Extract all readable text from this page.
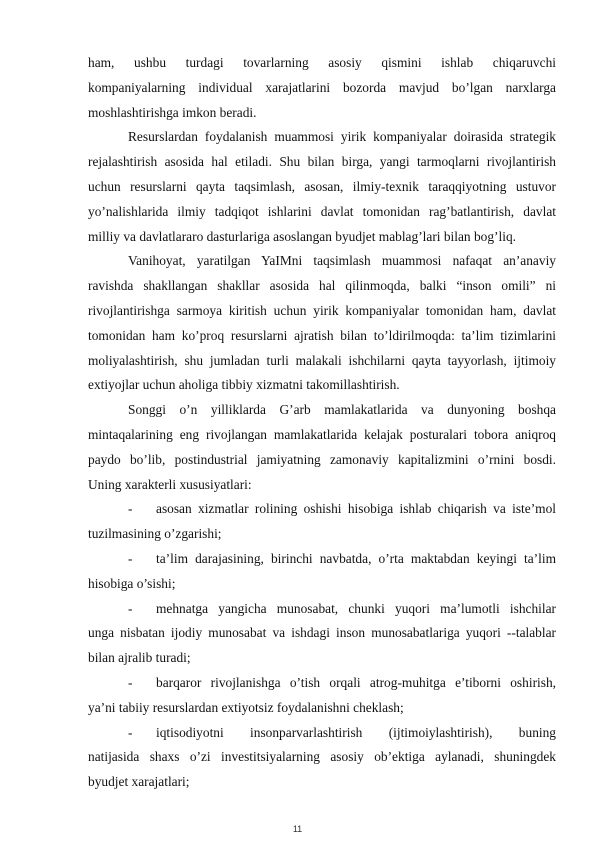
ham, ushbu turdagi tovarlarning asosiy qismini ishlab chiqaruvchi
kompaniyalarning individual xarajatlarini bozorda mavjud bo’lgan narxlarga
moshlashtirishga imkon beradi.
Resurslardan foydalanish muammosi yirik kompaniyalar doirasida strategik
rejalashtirish asosida hal etiladi. Shu bilan birga, yangi tarmoqlarni rivojlantirish
uchun resurslarni qayta taqsimlash, asosan, ilmiy-texnik taraqqiyotning ustuvor
yo’nalishlarida ilmiy tadqiqot ishlarini davlat tomonidan rag’batlantirish, davlat
milliy va davlatlararo dasturlariga asoslangan byudjet mablag’lari bilan bog’liq.
Vanihoyat, yaratilgan YaIMni taqsimlash muammosi nafaqat an’anaviy
ravishda shakllangan shakllar asosida hal qilinmoqda, balki “inson omili” ni
rivojlantirishga sarmoya kiritish uchun yirik kompaniyalar tomonidan ham, davlat
tomonidan ham ko’proq resurslarni ajratish bilan to’ldirilmoqda: ta’lim tizimlarini
moliyalashtirish, shu jumladan turli malakali ishchilarni qayta tayyorlash, ijtimoiy
extiyojlar uchun aholiga tibbiy xizmatni takomillashtirish.
Songgi o’n yilliklarda G’arb mamlakatlarida va dunyoning boshqa
mintaqalarining eng rivojlangan mamlakatlarida kelajak posturalari tobora aniqroq
paydo bo’lib, postindustrial jamiyatning zamonaviy kapitalizmini o’rnini bosdi.
Uning xarakterli xususiyatlari:
- asosan xizmatlar rolining oshishi hisobiga ishlab chiqarish va iste’mol
tuzilmasining o’zgarishi;
- ta’lim darajasining, birinchi navbatda, o’rta maktabdan keyingi ta’lim
hisobiga o’sishi;
- mehnatga yangicha munosabat, chunki yuqori ma’lumotli ishchilar
unga nisbatan ijodiy munosabat va ishdagi inson munosabatlariga yuqori --talablar
bilan ajralib turadi;
- barqaror rivojlanishga o’tish orqali atrog-muhitga e’tiborni oshirish,
ya’ni tabiiy resurslardan extiyotsiz foydalanishni cheklash;
- iqtisodiyotni insonparvarlashtirish (ijtimoiylashtirish), buning
natijasida shaxs o’zi investitsiyalarning asosiy ob’ektiga aylanadi, shuningdek
byudjet xarajatlari;
11
